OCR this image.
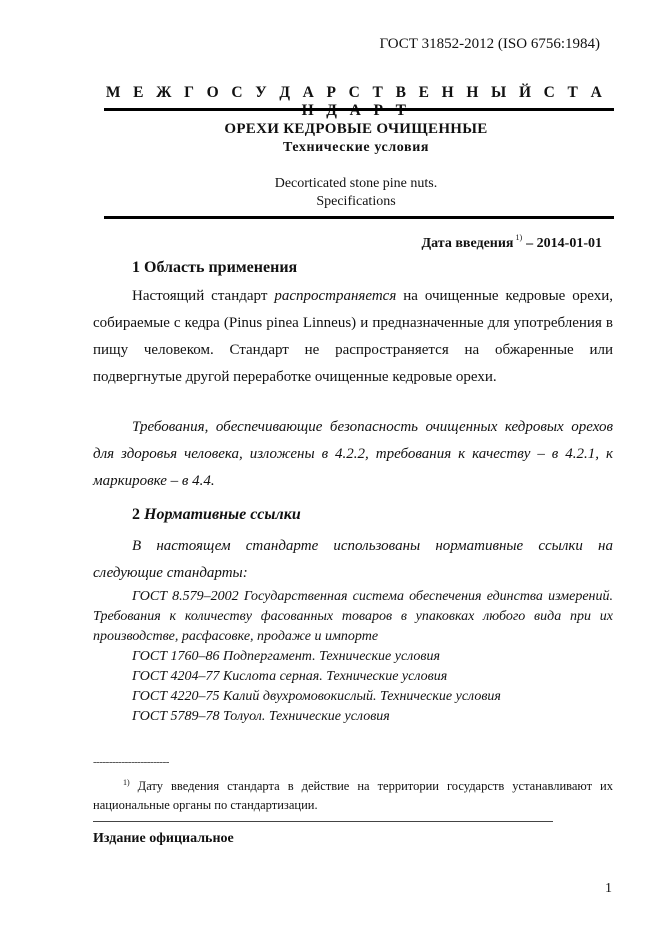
ГОСТ 31852-2012 (ISO 6756:1984)
М Е Ж Г О С У Д А Р С Т В Е Н Н Ы Й С Т А
ОРЕХИ КЕДРОВЫЕ ОЧИЩЕННЫЕ
Технические условия
Decorticated stone pine nuts.
Specifications
Дата введения $^{1)}$ – 2014-01-01
1 Область применения
Настоящий стандарт распространяется на очищенные кедровые орехи, собираемые с кедра (Pinus pinea Linneus) и предназначенные для употребления в пищу человеком. Стандарт не распространяется на обжаренные или подвергнутые другой переработке очищенные кедровые орехи.
Требования, обеспечивающие безопасность очищенных кедровых орехов для здоровья человека, изложены в 4.2.2, требования к качеству – в 4.2.1, к маркировке – в 4.4.
2 Нормативные ссылки
В настоящем стандарте использованы нормативные ссылки на следующие стандарты:
ГОСТ 8.579–2002 Государственная система обеспечения единства измерений. Требования к количеству фасованных товаров в упаковках любого вида при их производстве, расфасовке, продаже и импорте
ГОСТ 1760–86 Подпергамент. Технические условия
ГОСТ 4204–77 Кислота серная. Технические условия
ГОСТ 4220–75 Калий двухромовокислый. Технические условия
ГОСТ 5789–78 Толуол. Технические условия
------------------------
$^{1)}$ Дату введения стандарта в действие на территории государств устанавливают их национальные органы по стандартизации.
Издание официальное
1
